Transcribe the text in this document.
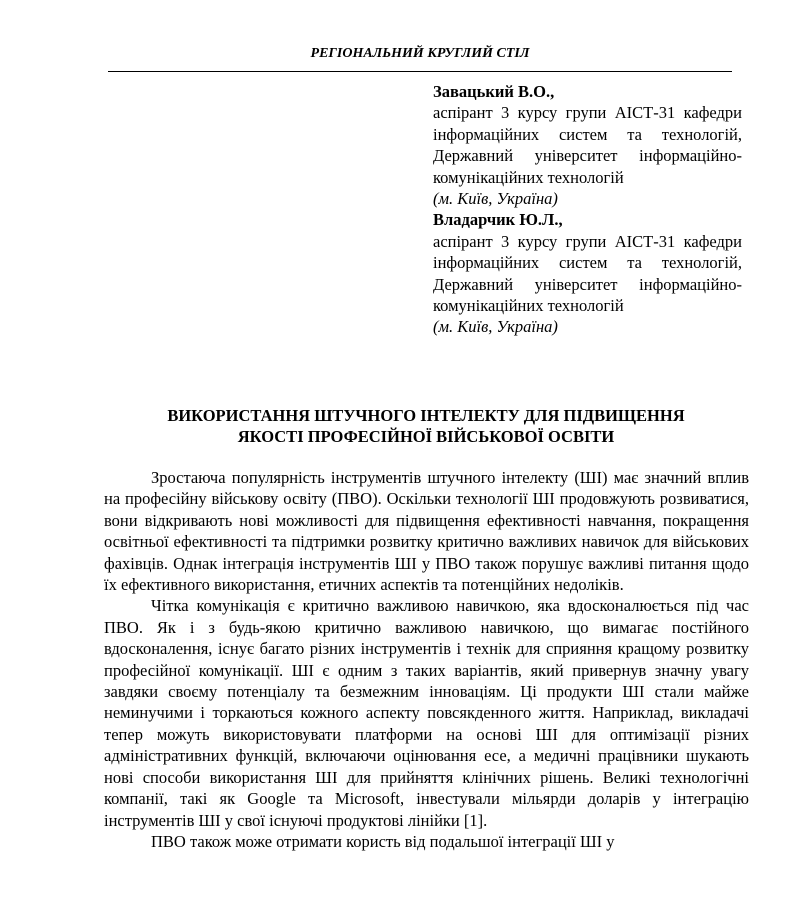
РЕГІОНАЛЬНИЙ КРУГЛИЙ СТІЛ
Завацький В.О.,
аспірант 3 курсу групи АІСТ-31 кафедри інформаційних систем та технологій, Державний університет інформаційно-комунікаційних технологій
(м. Київ, Україна)
Владарчик Ю.Л.,
аспірант 3 курсу групи АІСТ-31 кафедри інформаційних систем та технологій, Державний університет інформаційно-комунікаційних технологій
(м. Київ, Україна)
ВИКОРИСТАННЯ ШТУЧНОГО ІНТЕЛЕКТУ ДЛЯ ПІДВИЩЕННЯ
ЯКОСТІ ПРОФЕСІЙНОЇ ВІЙСЬКОВОЇ ОСВІТИ

Зростаюча популярність інструментів штучного інтелекту (ШІ) має значний вплив на професійну військову освіту (ПВО). Оскільки технології ШІ продовжують розвиватися, вони відкривають нові можливості для підвищення ефективності навчання, покращення освітньої ефективності та підтримки розвитку критично важливих навичок для військових фахівців. Однак інтеграція інструментів ШІ у ПВО також порушує важливі питання щодо їх ефективного використання, етичних аспектів та потенційних недоліків.

Чітка комунікація є критично важливою навичкою, яка вдосконалюється під час ПВО. Як і з будь-якою критично важливою навичкою, що вимагає постійного вдосконалення, існує багато різних інструментів і технік для сприяння кращому розвитку професійної комунікації. ШІ є одним з таких варіантів, який привернув значну увагу завдяки своєму потенціалу та безмежним інноваціям. Ці продукти ШІ стали майже неминучими і торкаються кожного аспекту повсякденного життя. Наприклад, викладачі тепер можуть використовувати платформи на основі ШІ для оптимізації різних адміністративних функцій, включаючи оцінювання есе, а медичні працівники шукають нові способи використання ШІ для прийняття клінічних рішень. Великі технологічні компанії, такі як Google та Microsoft, інвестували мільярди доларів у інтеграцію інструментів ШІ у свої існуючі продуктові лінійки [1].

ПВО також може отримати користь від подальшої інтеграції ШІ у
